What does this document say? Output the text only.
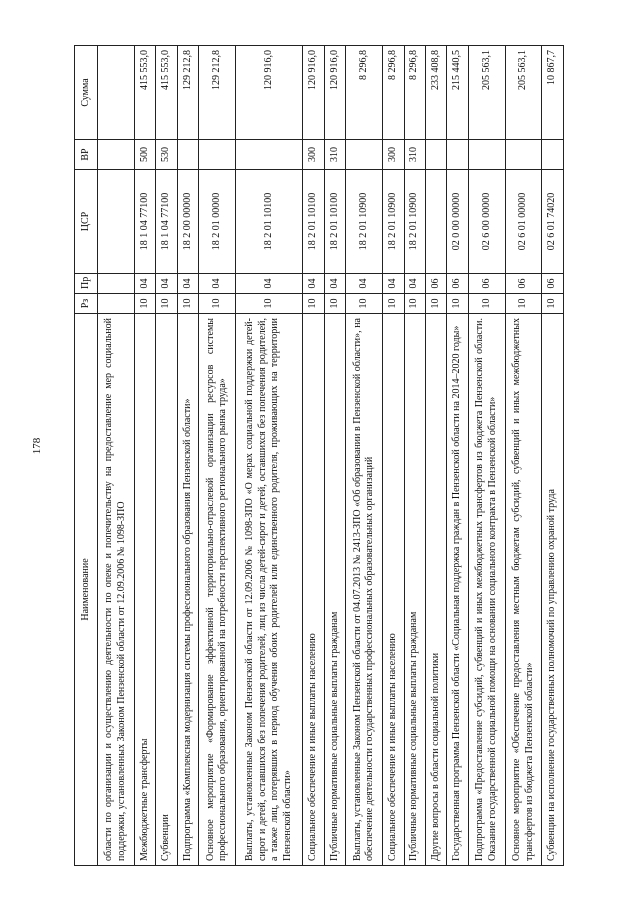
178
Наименование	Рз	Пр	ЦСР	ВР	Сумма
области по организации и осуществлению деятельности по опеке и попечительству на предоставление мер социальной поддержки, установленных Законом Пензенской области от 12.09.2006 № 1098-ЗПО					
Межбюджетные трансферты	10	04	18 1 04 77100	500	415 553,0
Субвенции	10	04	18 1 04 77100	530	415 553,0
Подпрограмма «Комплексная модернизация системы профессионального образования Пензенской области»	10	04	18 2 00 00000		129 212,8
Основное мероприятие «Формирование эффективной территориально-отраслевой организации ресурсов системы профессионального образования, ориентированной на потребности перспективного регионального рынка труда»	10	04	18 2 01 00000		129 212,8
Выплаты, установленные Законом Пензенской области от 12.09.2006 № 1098-ЗПО «О мерах социальной поддержки детей-сирот и детей, оставшихся без попечения родителей, лиц из числа детей-сирот и детей, оставшихся без попечения родителей, а также лиц, потерявших в период обучения обоих родителей или единственного родителя, проживающих на территории Пензенской области»	10	04	18 2 01 10100		120 916,0
Социальное обеспечение и иные выплаты населению	10	04	18 2 01 10100	300	120 916,0
Публичные нормативные социальные выплаты гражданам	10	04	18 2 01 10100	310	120 916,0
Выплаты, установленные Законом Пензенской области от 04.07.2013 № 2413-ЗПО «Об образовании в Пензенской области», на обеспечение деятельности государственных профессиональных образовательных организаций	10	04	18 2 01 10900		8 296,8
Социальное обеспечение и иные выплаты населению	10	04	18 2 01 10900	300	8 296,8
Публичные нормативные социальные выплаты гражданам	10	04	18 2 01 10900	310	8 296,8
Другие вопросы в области социальной политики	10	06			233 408,8
Государственная программа Пензенской области «Социальная поддержка граждан в Пензенской области на 2014–2020 годы»	10	06	02 0 00 00000		215 440,5
Подпрограмма «Предоставление субсидий, субвенций и иных межбюджетных трансфертов из бюджета Пензенской области. Оказание государственной социальной помощи на основании социального контракта в Пензенской области»	10	06	02 6 00 00000		205 563,1
Основное мероприятие «Обеспечение предоставления местным бюджетам субсидий, субвенций и иных межбюджетных трансфертов из бюджета Пензенской области»	10	06	02 6 01 00000		205 563,1
Субвенции на исполнение государственных полномочий по управлению охраной труда	10	06	02 6 01 74020		10 867,7
